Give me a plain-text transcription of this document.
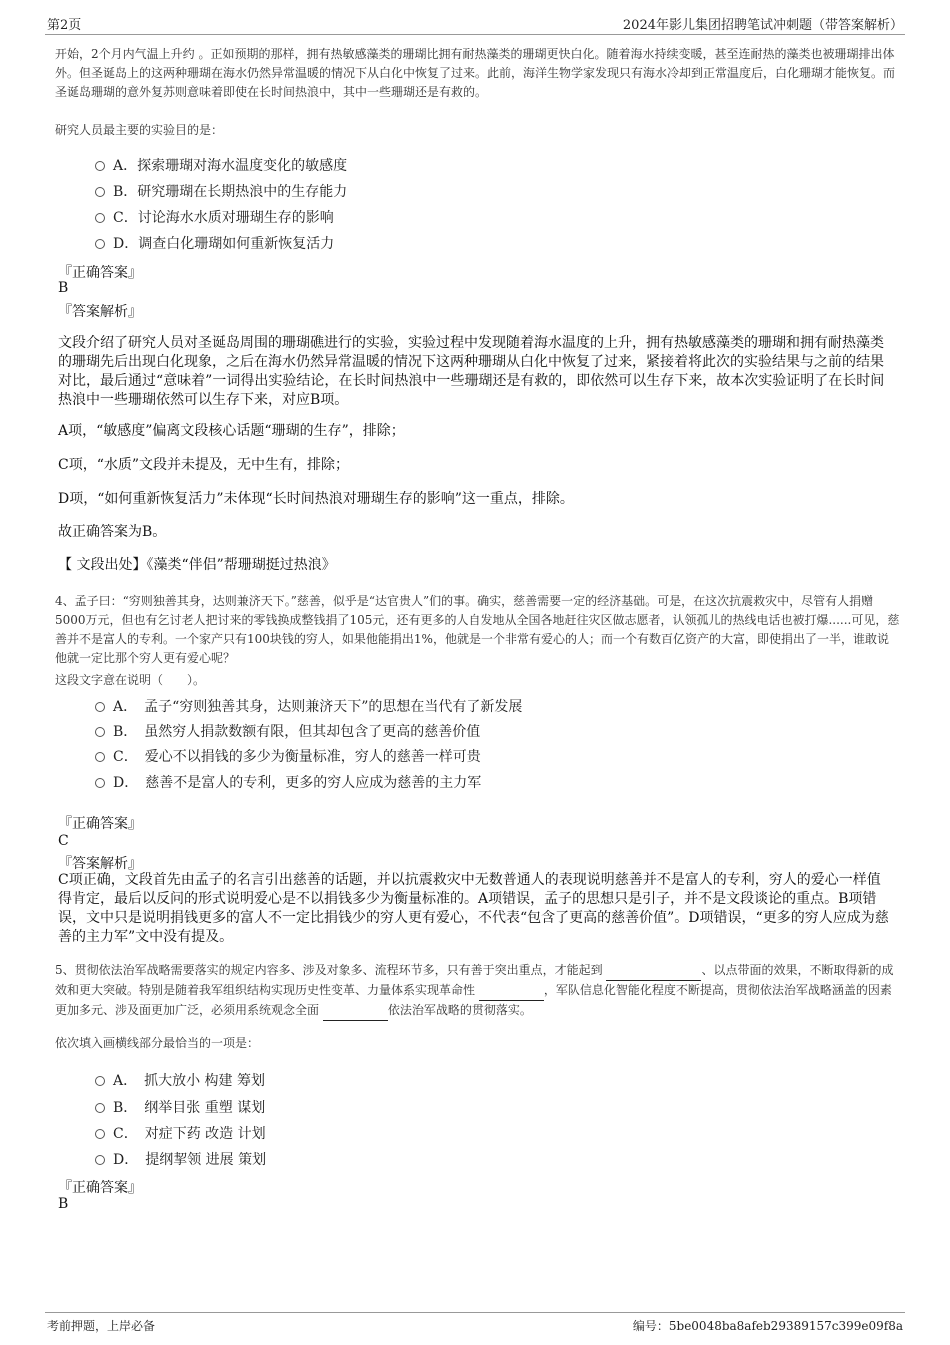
第2页	2024年影儿集团招聘笔试冲刺题（带答案解析）
开始，2个月内气温上升约 。正如预期的那样，拥有热敏感藻类的珊瑚比拥有耐热藻类的珊瑚更快白化。随着海水持续变暖，甚至连耐热的藻类也被珊瑚排出体外。但圣诞岛上的这两种珊瑚在海水仍然异常温暖的情况下从白化中恢复了过来。此前，海洋生物学家发现只有海水冷却到正常温度后，白化珊瑚才能恢复。而圣诞岛珊瑚的意外复苏则意味着即使在长时间热浪中，其中一些珊瑚还是有救的。
研究人员最主要的实验目的是：
A．探索珊瑚对海水温度变化的敏感度
B．研究珊瑚在长期热浪中的生存能力
C．讨论海水水质对珊瑚生存的影响
D．调查白化珊瑚如何重新恢复活力
『正确答案』
B
『答案解析』
文段介绍了研究人员对圣诞岛周围的珊瑚礁进行的实验，实验过程中发现随着海水温度的上升，拥有热敏感藻类的珊瑚和拥有耐热藻类的珊瑚先后出现白化现象，之后在海水仍然异常温暖的情况下这两种珊瑚从白化中恢复了过来，紧接着将此次的实验结果与之前的结果对比，最后通过“意味着”一词得出实验结论，在长时间热浪中一些珊瑚还是有救的，即依然可以生存下来，故本次实验证明了在长时间热浪中一些珊瑚依然可以生存下来，对应B项。
A项，“敏感度”偏离文段核心话题“珊瑚的生存”，排除；
C项，“水质”文段并未提及，无中生有，排除；
D项，“如何重新恢复活力”未体现“长时间热浪对珊瑚生存的影响”这一重点，排除。
故正确答案为B。
【 文段出处】《藻类“伴侣”帮珊瑚挺过热浪》
4、孟子曰：“穷则独善其身，达则兼济天下。”慈善，似乎是“达官贵人”们的事。确实，慈善需要一定的经济基础。可是，在这次抗震救灾中，尽管有人捐赠5000万元，但也有乞讨老人把讨来的零钱换成整钱捐了105元，还有更多的人自发地从全国各地赶往灾区做志愿者，认领孤儿的热线电话也被打爆......可见，慈善并不是富人的专利。一个家产只有100块钱的穷人，如果他能捐出1%，他就是一个非常有爱心的人；而一个有数百亿资产的大富，即使捐出了一半，谁敢说他就一定比那个穷人更有爱心呢？
这段文字意在说明（　　）。
A．　孟子“穷则独善其身，达则兼济天下”的思想在当代有了新发展
B．　虽然穷人捐款数额有限，但其却包含了更高的慈善价值
C．　爱心不以捐钱的多少为衡量标准，穷人的慈善一样可贵
D．　慈善不是富人的专利，更多的穷人应成为慈善的主力军
『正确答案』
C
『答案解析』
C项正确，文段首先由孟子的名言引出慈善的话题，并以抗震救灾中无数普通人的表现说明慈善并不是富人的专利，穷人的爱心一样值得肯定，最后以反问的形式说明爱心是不以捐钱多少为衡量标准的。A项错误，孟子的思想只是引子，并不是文段谈论的重点。B项错误，文中只是说明捐钱更多的富人不一定比捐钱少的穷人更有爱心，不代表“包含了更高的慈善价值”。D项错误，“更多的穷人应成为慈善的主力军”文中没有提及。
5、贯彻依法治军战略需要落实的规定内容多、涉及对象多、流程环节多，只有善于突出重点，才能起到	、以点带面的效果，不断取得新的成效和更大突破。特别是随着我军组织结构实现历史性变革、力量体系实现革命性	，军队信息化智能化程度不断提高，贯彻依法治军战略涵盖的因素更加多元、涉及面更加广泛，必须用系统观念全面	依法治军战略的贯彻落实。
依次填入画横线部分最恰当的一项是：
A．　抓大放小 构建 筹划
B．　纲举目张 重塑 谋划
C．　对症下药 改造 计划
D．　提纲挈领 进展 策划
『正确答案』
B
考前押题，上岸必备	编号：5be0048ba8afeb29389157c399e09f8a
